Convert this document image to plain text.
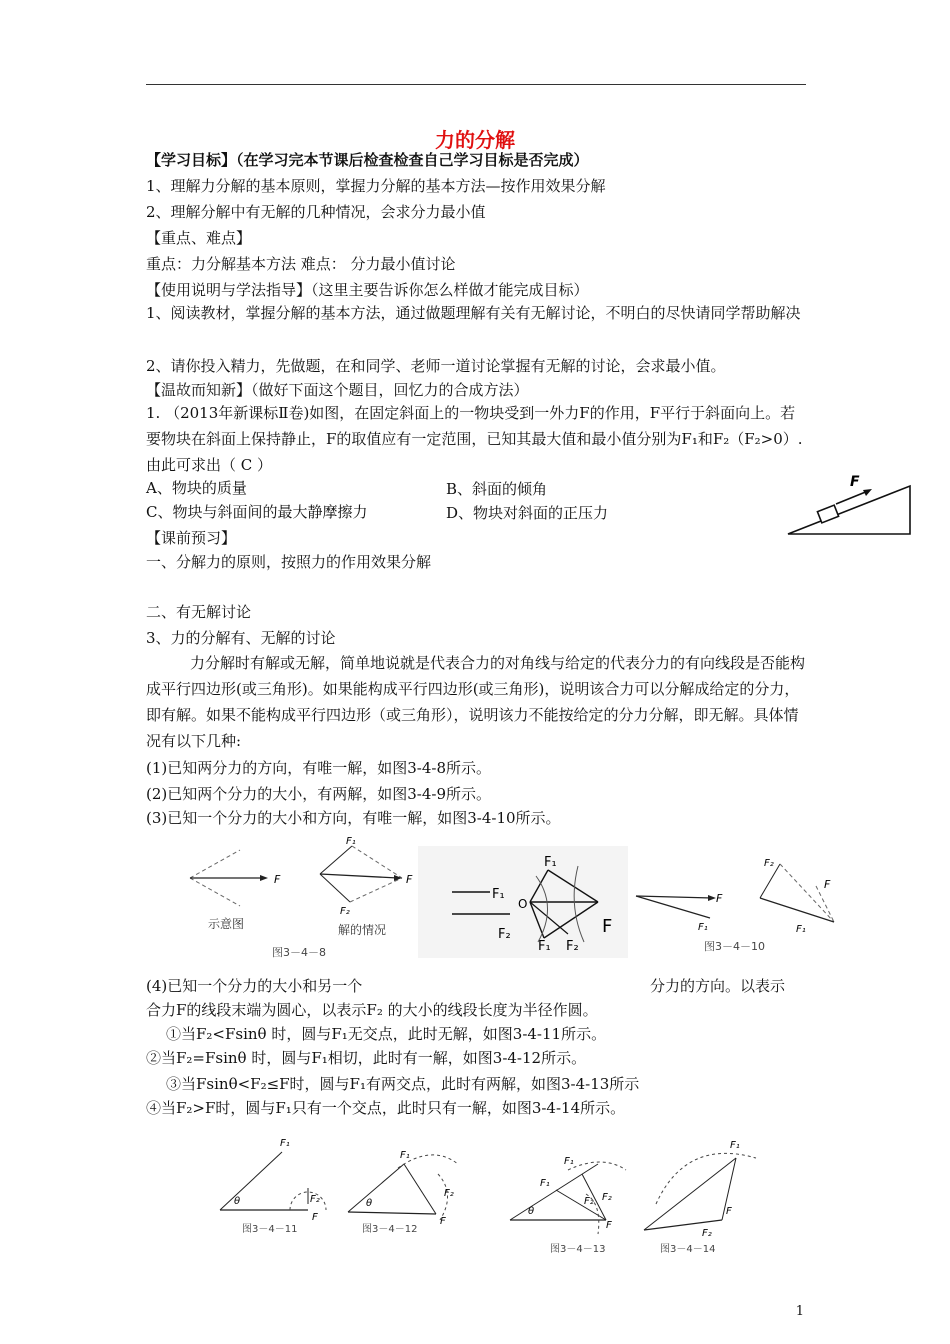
力的分解
【学习目标】（在学习完本节课后检查检查自己学习目标是否完成）
1、理解力分解的基本原则，掌握力分解的基本方法—按作用效果分解
2、理解分解中有无解的几种情况，会求分力最小值
【重点、难点】
重点：力分解基本方法 难点： 分力最小值讨论
【使用说明与学法指导】（这里主要告诉你怎么样做才能完成目标）
1、阅读教材，掌握分解的基本方法，通过做题理解有关有无解讨论，不明白的尽快请同学帮助解决
2、请你投入精力，先做题，在和同学、老师一道讨论掌握有无解的讨论，会求最小值。
【温故而知新】（做好下面这个题目，回忆力的合成方法）
1. （2013年新课标Ⅱ卷)如图，在固定斜面上的一物块受到一外力F的作用，F平行于斜面向上。若要物块在斜面上保持静止，F的取值应有一定范围，已知其最大值和最小值分别为F₁和F₂（F₂>0）. 由此可求出（ C ）
A、物块的质量	B、斜面的倾角
C、物块与斜面间的最大静摩擦力	D、物块对斜面的正压力
F
【课前预习】
一、分解力的原则，按照力的作用效果分解
二、有无解讨论
3、力的分解有、无解的讨论
力分解时有解或无解，简单地说就是代表合力的对角线与给定的代表分力的有向线段是否能构成平行四边形(或三角形)。如果能构成平行四边形(或三角形)，说明该合力可以分解成给定的分力，即有解。如果不能构成平行四边形（或三角形），说明该力不能按给定的分力分解，即无解。具体情况有以下几种:
(1)已知两分力的方向，有唯一解，如图3-4-8所示。
(2)已知两个分力的大小，有两解，如图3-4-9所示。
(3)已知一个分力的大小和方向，有唯一解，如图3-4-10所示。
F
示意图
F₁
F₂
F
解的情况
图3－4－8
F₁
F₂
O
F₁
F₁ F₂
F
F
F₁
F₂
F
F₁
图3－4－10
(4)已知一个分力的大小和另一个	分力的方向。以表示
合力F的线段末端为圆心，以表示F₂ 的大小的线段长度为半径作圆。
①当F₂<Fsinθ 时，圆与F₁无交点，此时无解，如图3-4-11所示。
②当F₂=Fsinθ 时，圆与F₁相切，此时有一解，如图3-4-12所示。
③当Fsinθ<F₂≤F时，圆与F₁有两交点，此时有两解，如图3-4-13所示
④当F₂>F时，圆与F₁只有一个交点，此时只有一解，如图3-4-14所示。
F₁
θ	F₂
F
图3－4－11
F₁
θ
F₂
F
图3－4－12
F₁
F₁
θ
F₂ F₂
F
图3－4－13
F₁
F
F₂
图3－4－14
1
